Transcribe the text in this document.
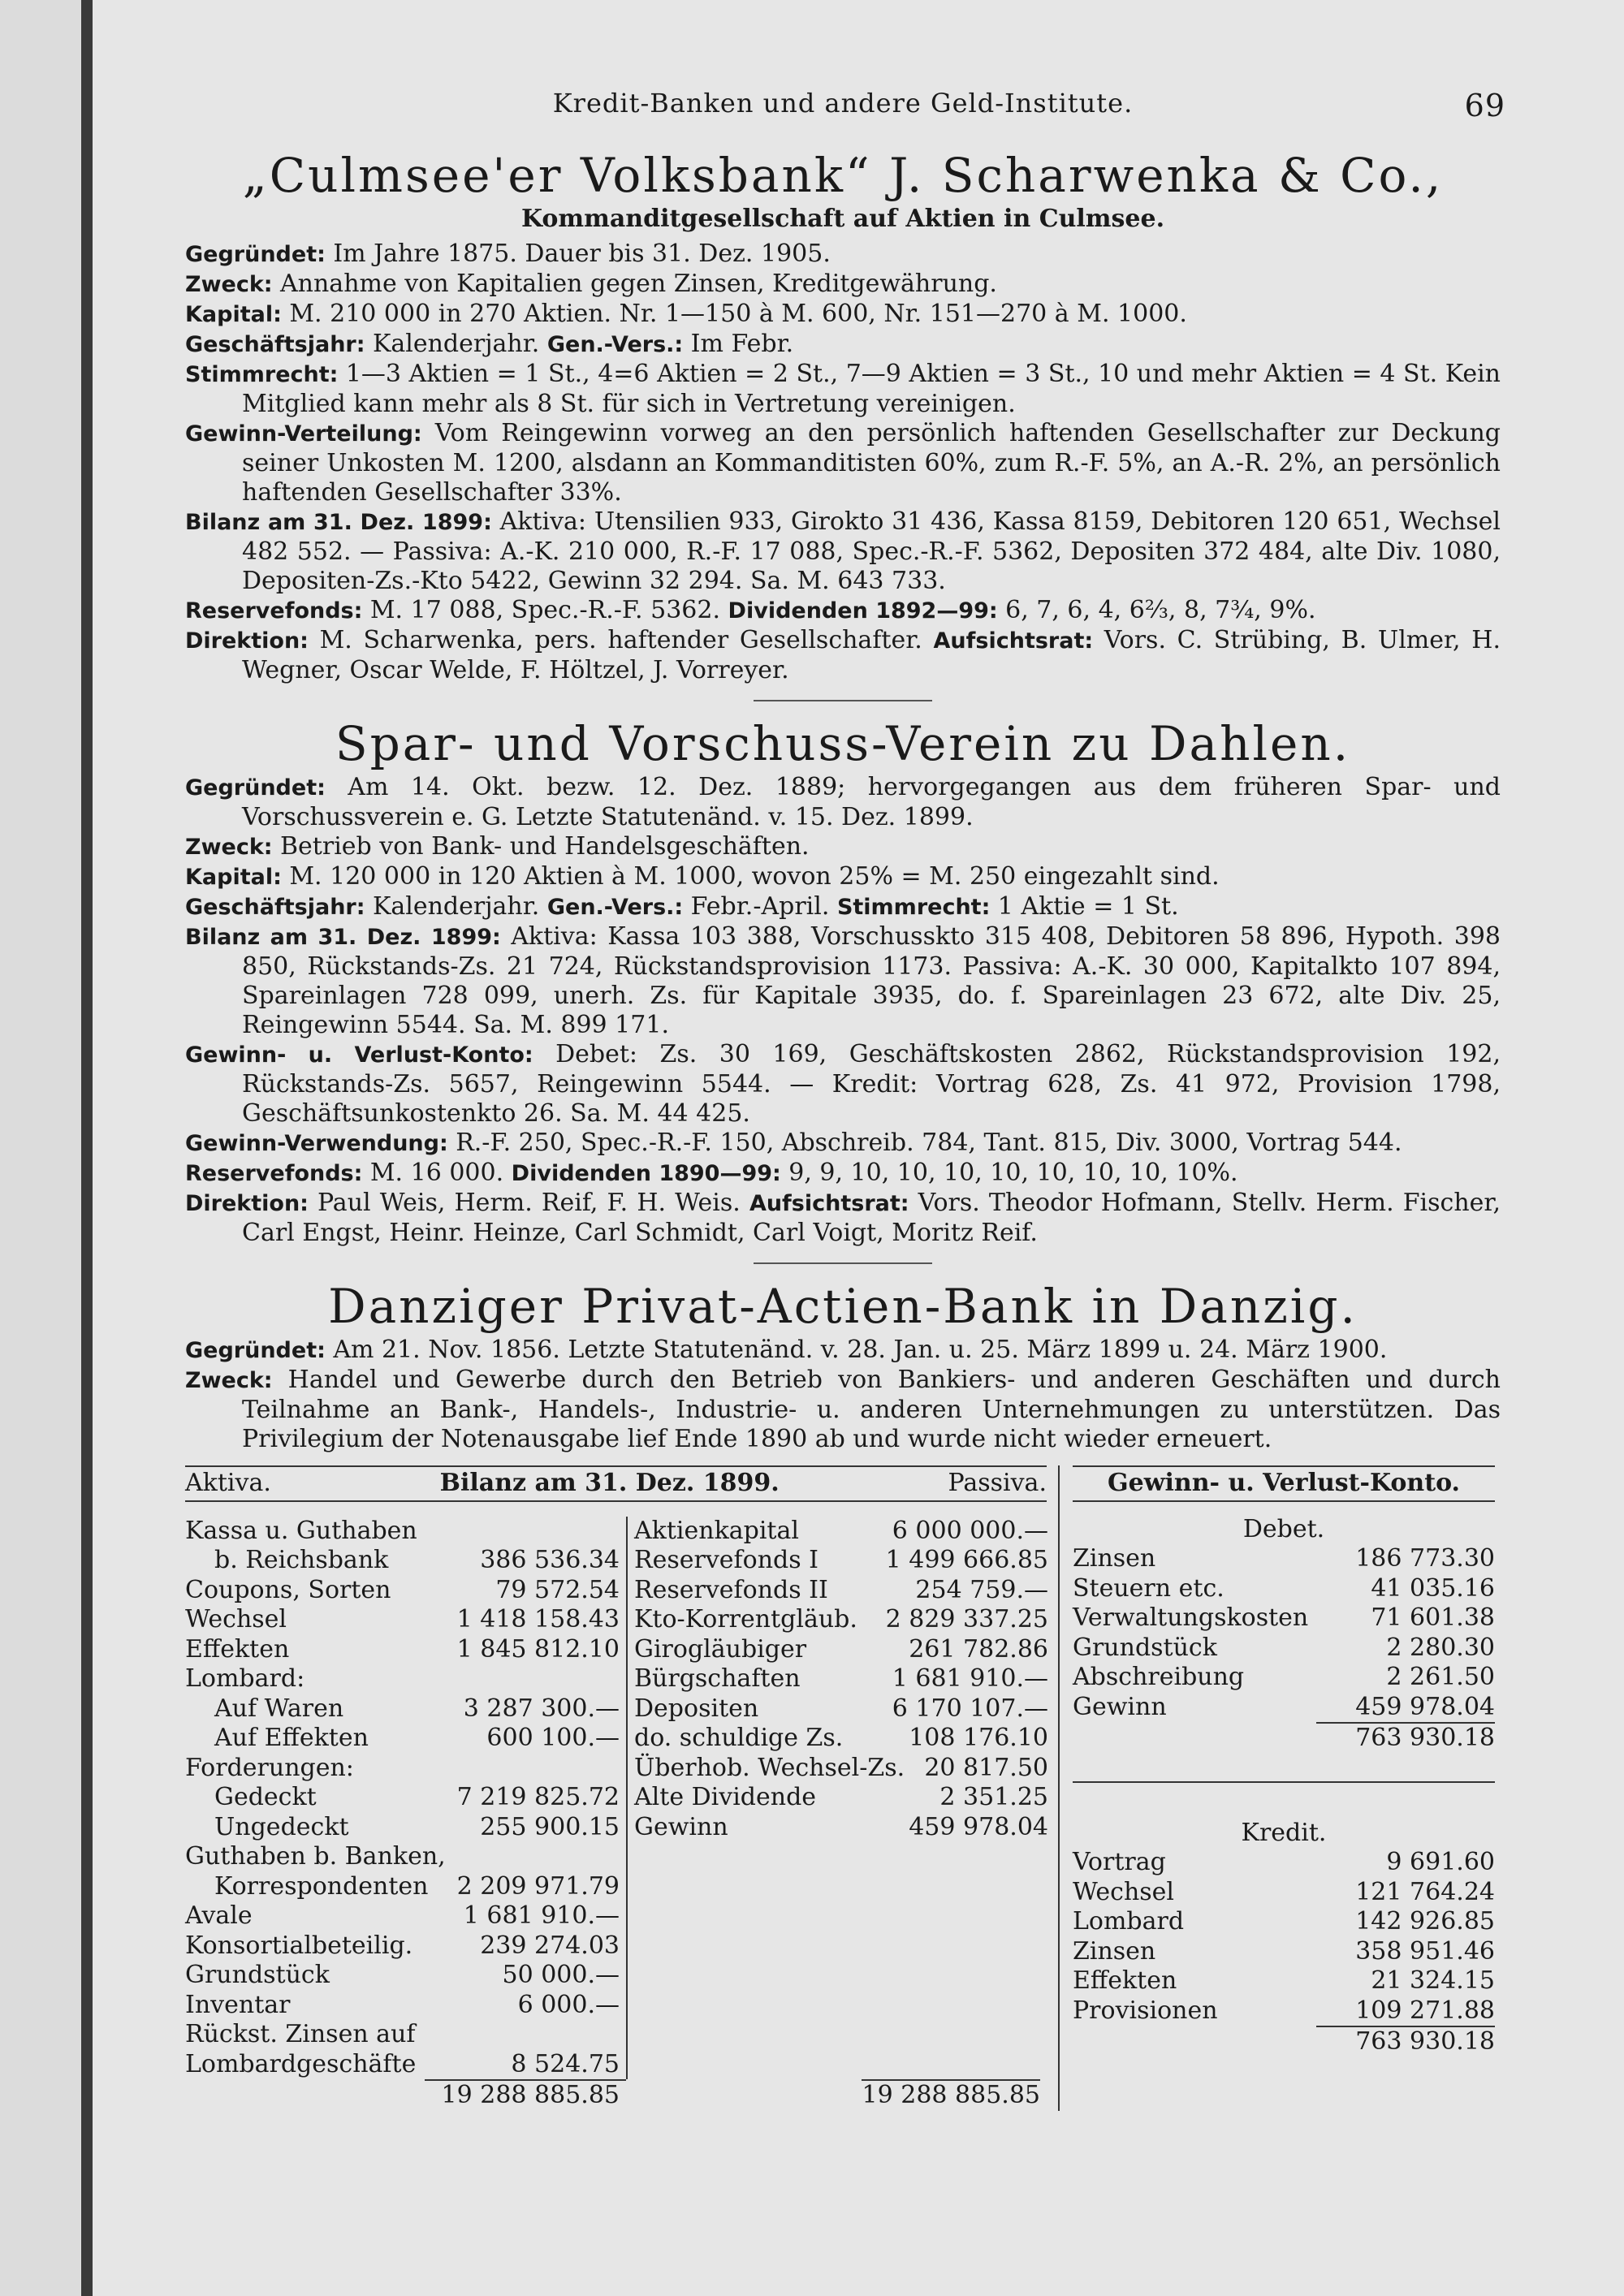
Kredit-Banken und andere Geld-Institute.	69
„Culmsee'er Volksbank“ J. Scharwenka & Co.,
Kommanditgesellschaft auf Aktien in Culmsee.
Gegründet: Im Jahre 1875. Dauer bis 31. Dez. 1905.
Zweck: Annahme von Kapitalien gegen Zinsen, Kreditgewährung.
Kapital: M. 210 000 in 270 Aktien. Nr. 1—150 à M. 600, Nr. 151—270 à M. 1000.
Geschäftsjahr: Kalenderjahr. Gen.-Vers.: Im Febr.
Stimmrecht: 1—3 Aktien = 1 St., 4=6 Aktien = 2 St., 7—9 Aktien = 3 St., 10 und mehr Aktien = 4 St. Kein Mitglied kann mehr als 8 St. für sich in Vertretung vereinigen.
Gewinn-Verteilung: Vom Reingewinn vorweg an den persönlich haftenden Gesellschafter zur Deckung seiner Unkosten M. 1200, alsdann an Kommanditisten 60%, zum R.-F. 5%, an A.-R. 2%, an persönlich haftenden Gesellschafter 33%.
Bilanz am 31. Dez. 1899: Aktiva: Utensilien 933, Girokto 31 436, Kassa 8159, Debitoren 120 651, Wechsel 482 552. — Passiva: A.-K. 210 000, R.-F. 17 088, Spec.-R.-F. 5362, Depositen 372 484, alte Div. 1080, Depositen-Zs.-Kto 5422, Gewinn 32 294. Sa. M. 643 733.
Reservefonds: M. 17 088, Spec.-R.-F. 5362. Dividenden 1892—99: 6, 7, 6, 4, 6⅔, 8, 7¾, 9%.
Direktion: M. Scharwenka, pers. haftender Gesellschafter. Aufsichtsrat: Vors. C. Strübing, B. Ulmer, H. Wegner, Oscar Welde, F. Höltzel, J. Vorreyer.
Spar- und Vorschuss-Verein zu Dahlen.
Gegründet: Am 14. Okt. bezw. 12. Dez. 1889; hervorgegangen aus dem früheren Spar- und Vorschussverein e. G. Letzte Statutenänd. v. 15. Dez. 1899.
Zweck: Betrieb von Bank- und Handelsgeschäften.
Kapital: M. 120 000 in 120 Aktien à M. 1000, wovon 25% = M. 250 eingezahlt sind.
Geschäftsjahr: Kalenderjahr. Gen.-Vers.: Febr.-April. Stimmrecht: 1 Aktie = 1 St.
Bilanz am 31. Dez. 1899: Aktiva: Kassa 103 388, Vorschusskto 315 408, Debitoren 58 896, Hypoth. 398 850, Rückstands-Zs. 21 724, Rückstandsprovision 1173. Passiva: A.-K. 30 000, Kapitalkto 107 894, Spareinlagen 728 099, unerh. Zs. für Kapitale 3935, do. f. Spareinlagen 23 672, alte Div. 25, Reingewinn 5544. Sa. M. 899 171.
Gewinn- u. Verlust-Konto: Debet: Zs. 30 169, Geschäftskosten 2862, Rückstandsprovision 192, Rückstands-Zs. 5657, Reingewinn 5544. — Kredit: Vortrag 628, Zs. 41 972, Provision 1798, Geschäftsunkostenkto 26. Sa. M. 44 425.
Gewinn-Verwendung: R.-F. 250, Spec.-R.-F. 150, Abschreib. 784, Tant. 815, Div. 3000, Vortrag 544.
Reservefonds: M. 16 000. Dividenden 1890—99: 9, 9, 10, 10, 10, 10, 10, 10, 10, 10%.
Direktion: Paul Weis, Herm. Reif, F. H. Weis. Aufsichtsrat: Vors. Theodor Hofmann, Stellv. Herm. Fischer, Carl Engst, Heinr. Heinze, Carl Schmidt, Carl Voigt, Moritz Reif.
Danziger Privat-Actien-Bank in Danzig.
Gegründet: Am 21. Nov. 1856. Letzte Statutenänd. v. 28. Jan. u. 25. März 1899 u. 24. März 1900.
Zweck: Handel und Gewerbe durch den Betrieb von Bankiers- und anderen Geschäften und durch Teilnahme an Bank-, Handels-, Industrie- u. anderen Unternehmungen zu unterstützen. Das Privilegium der Notenausgabe lief Ende 1890 ab und wurde nicht wieder erneuert.
Aktiva.	Bilanz am 31. Dez. 1899.	Passiva.
Kassa u. Guthaben
b. Reichsbank	386 536.34
Coupons, Sorten	79 572.54
Wechsel	1 418 158.43
Effekten	1 845 812.10
Lombard:
Auf Waren	3 287 300.—
Auf Effekten	600 100.—
Forderungen:
Gedeckt	7 219 825.72
Ungedeckt	255 900.15
Guthaben b. Banken,
Korrespondenten 2 209 971.79
Avale	1 681 910.—
Konsortialbeteilig.	239 274.03
Grundstück	50 000.—
Inventar	6 000.—
Rückst. Zinsen auf
Lombardgeschäfte	8 524.75
Aktienkapital	6 000 000.—
Reservefonds I	1 499 666.85
Reservefonds II	254 759.—
Kto-Korrentgläub. 2 829 337.25
Girogläubiger	261 782.86
Bürgschaften	1 681 910.—
Depositen	6 170 107.—
do. schuldige Zs.	108 176.10
Überhob. Wechsel-Zs. 20 817.50
Alte Dividende	2 351.25
Gewinn	459 978.04
19 288 885.85	19 288 885.85
Gewinn- u. Verlust-Konto.
Debet.
Zinsen	186 773.30
Steuern etc.	41 035.16
Verwaltungskosten	71 601.38
Grundstück	2 280.30
Abschreibung	2 261.50
Gewinn	459 978.04
763 930.18
Kredit.
Vortrag	9 691.60
Wechsel	121 764.24
Lombard	142 926.85
Zinsen	358 951.46
Effekten	21 324.15
Provisionen	109 271.88
763 930.18
